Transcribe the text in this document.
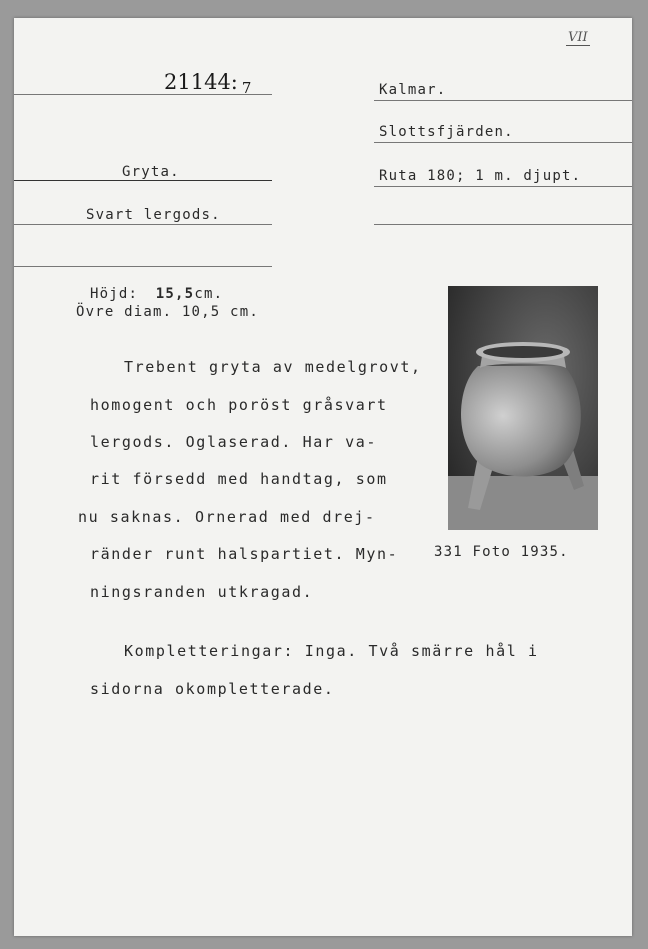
VII
21144: 7	Kalmar.
Slottsfjärden.
Ruta 180; 1 m. djupt.
Gryta.
Svart lergods.
Höjd: 15,5cm.
Övre diam. 10,5 cm.
Trebent gryta av medelgrovt,
homogent och poröst gråsvart
lergods. Oglaserad. Har va-
rit försedd med handtag, som
nu saknas. Ornerad med drej-
ränder runt halspartiet. Myn-
ningsranden utkragad.
331 Foto 1935.
Kompletteringar: Inga. Två smärre hål i
sidorna okompletterade.
